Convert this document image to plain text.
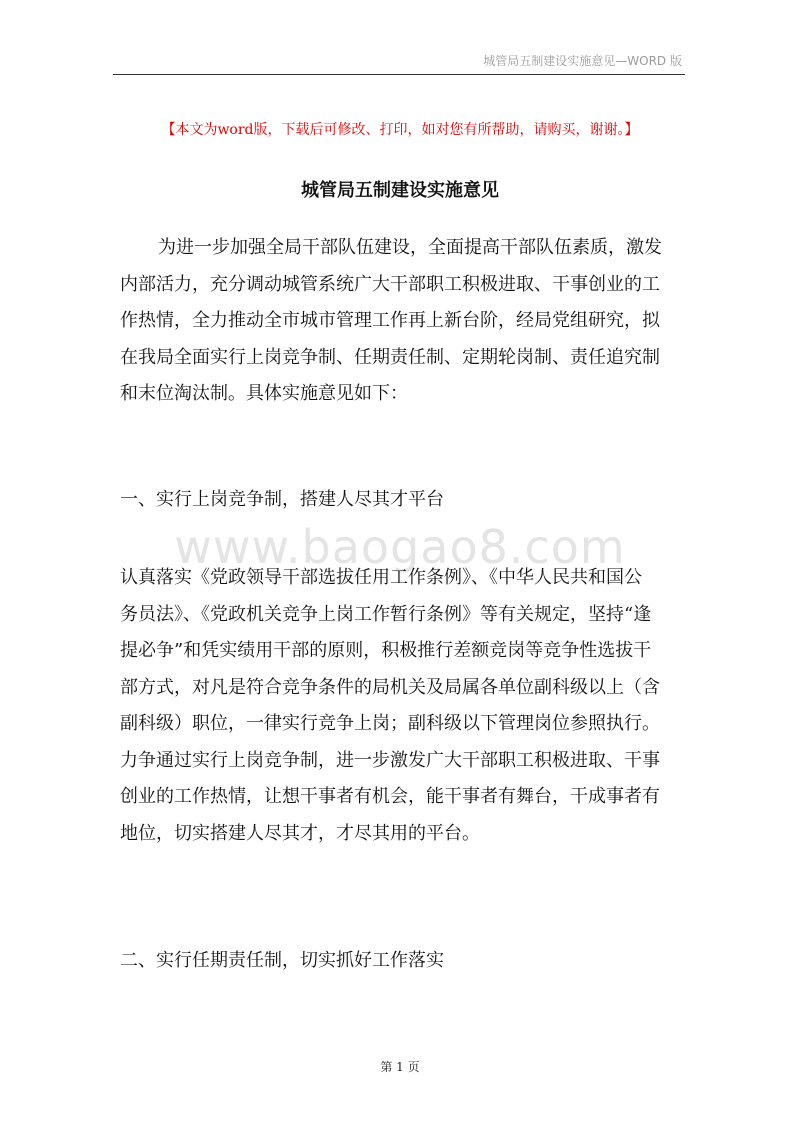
城管局五制建设实施意见—WORD 版
www.baogao8.com
【本文为word版，下载后可修改、打印，如对您有所帮助，请购买，谢谢。】
城管局五制建设实施意见
为进一步加强全局干部队伍建设，全面提高干部队伍素质，激发
内部活力，充分调动城管系统广大干部职工积极进取、干事创业的工
作热情，全力推动全市城市管理工作再上新台阶，经局党组研究，拟
在我局全面实行上岗竞争制、任期责任制、定期轮岗制、责任追究制
和末位淘汰制。具体实施意见如下：
一、实行上岗竞争制，搭建人尽其才平台
认真落实《党政领导干部选拔任用工作条例》、《中华人民共和国公
务员法》、《党政机关竞争上岗工作暂行条例》等有关规定，坚持“逢
提必争”和凭实绩用干部的原则，积极推行差额竞岗等竞争性选拔干
部方式，对凡是符合竞争条件的局机关及局属各单位副科级以上（含
副科级）职位，一律实行竞争上岗；副科级以下管理岗位参照执行。
力争通过实行上岗竞争制，进一步激发广大干部职工积极进取、干事
创业的工作热情，让想干事者有机会，能干事者有舞台，干成事者有
地位，切实搭建人尽其才，才尽其用的平台。
二、实行任期责任制，切实抓好工作落实
第 1 页
